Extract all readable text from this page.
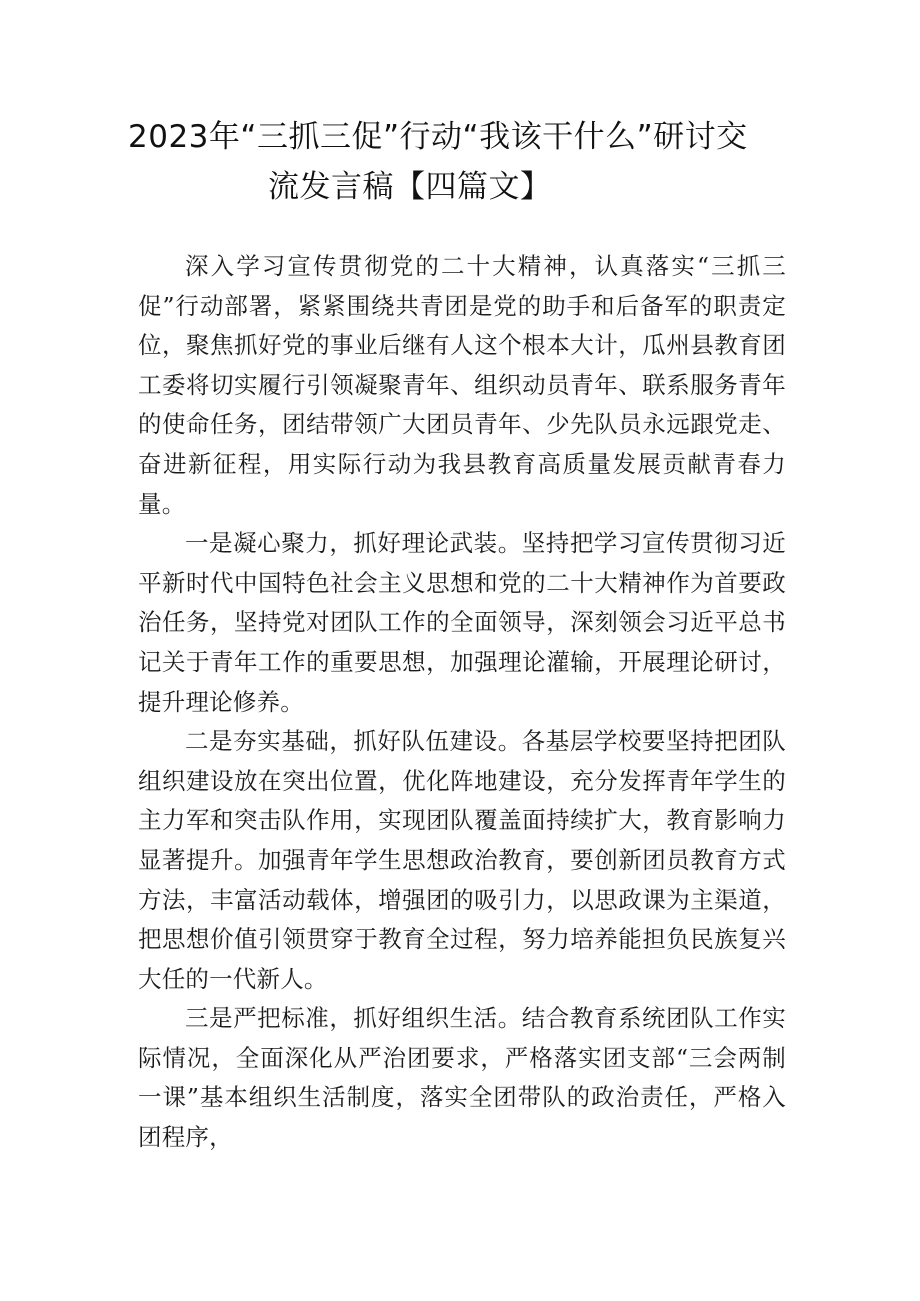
2023年“三抓三促”行动“我该干什么”研讨交
流发言稿【四篇文】

深入学习宣传贯彻党的二十大精神，认真落实“三抓三促”行动部署，紧紧围绕共青团是党的助手和后备军的职责定位，聚焦抓好党的事业后继有人这个根本大计，瓜州县教育团工委将切实履行引领凝聚青年、组织动员青年、联系服务青年的使命任务，团结带领广大团员青年、少先队员永远跟党走、奋进新征程，用实际行动为我县教育高质量发展贡献青春力量。

一是凝心聚力，抓好理论武装。坚持把学习宣传贯彻习近平新时代中国特色社会主义思想和党的二十大精神作为首要政治任务，坚持党对团队工作的全面领导，深刻领会习近平总书记关于青年工作的重要思想，加强理论灌输，开展理论研讨，提升理论修养。

二是夯实基础，抓好队伍建设。各基层学校要坚持把团队组织建设放在突出位置，优化阵地建设，充分发挥青年学生的主力军和突击队作用，实现团队覆盖面持续扩大，教育影响力显著提升。加强青年学生思想政治教育，要创新团员教育方式方法，丰富活动载体，增强团的吸引力，以思政课为主渠道，把思想价值引领贯穿于教育全过程，努力培养能担负民族复兴大任的一代新人。

三是严把标准，抓好组织生活。结合教育系统团队工作实际情况，全面深化从严治团要求，严格落实团支部“三会两制一课”基本组织生活制度，落实全团带队的政治责任，严格入团程序，
